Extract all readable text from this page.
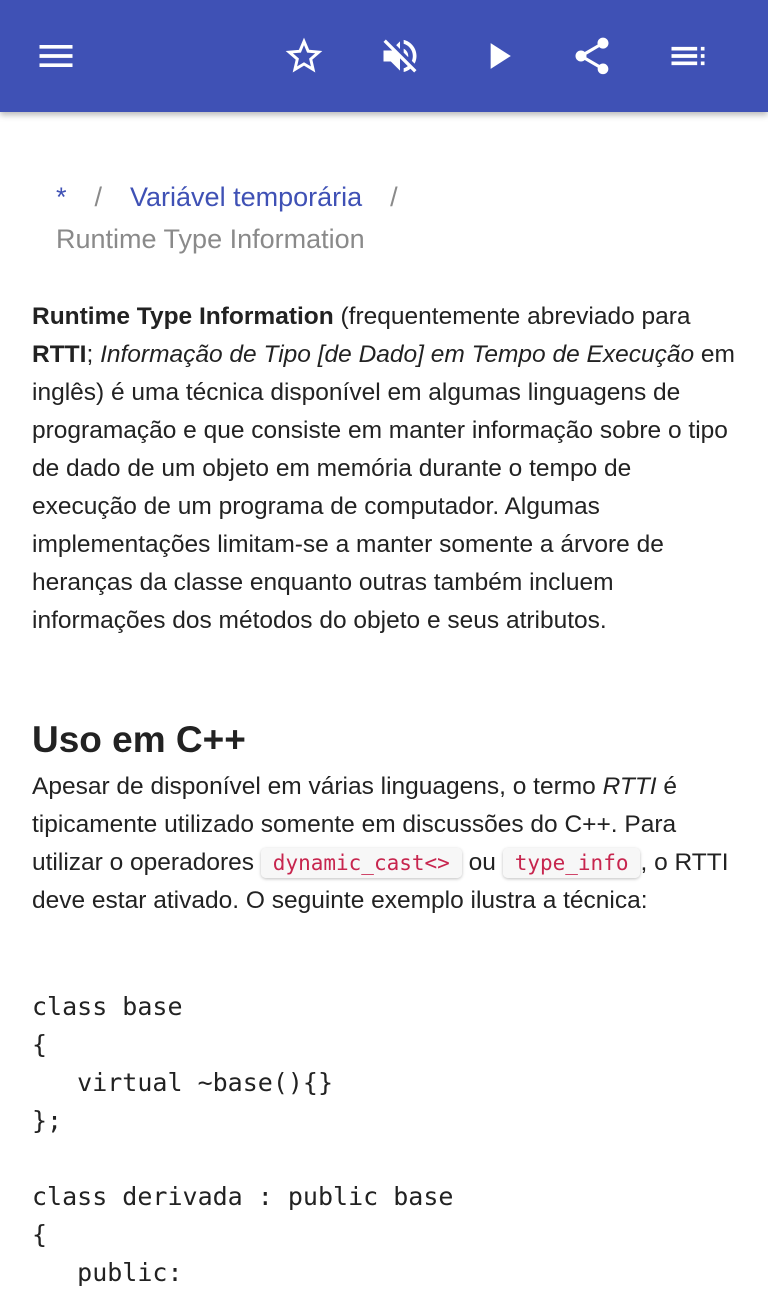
* / Variável temporária /
Runtime Type Information

Runtime Type Information (frequentemente abreviado para RTTI; Informação de Tipo [de Dado] em Tempo de Execução em inglês) é uma técnica disponível em algumas linguagens de programação e que consiste em manter informação sobre o tipo de dado de um objeto em memória durante o tempo de execução de um programa de computador. Algumas implementações limitam-se a manter somente a árvore de heranças da classe enquanto outras também incluem informações dos métodos do objeto e seus atributos.

Uso em C++

Apesar de disponível em várias linguagens, o termo RTTI é tipicamente utilizado somente em discussões do C++. Para utilizar o operadores dynamic_cast<> ou type_info , o RTTI deve estar ativado. O seguinte exemplo ilustra a técnica:

class base
{
virtual ~base(){}
};

class derivada : public base
{
public:
